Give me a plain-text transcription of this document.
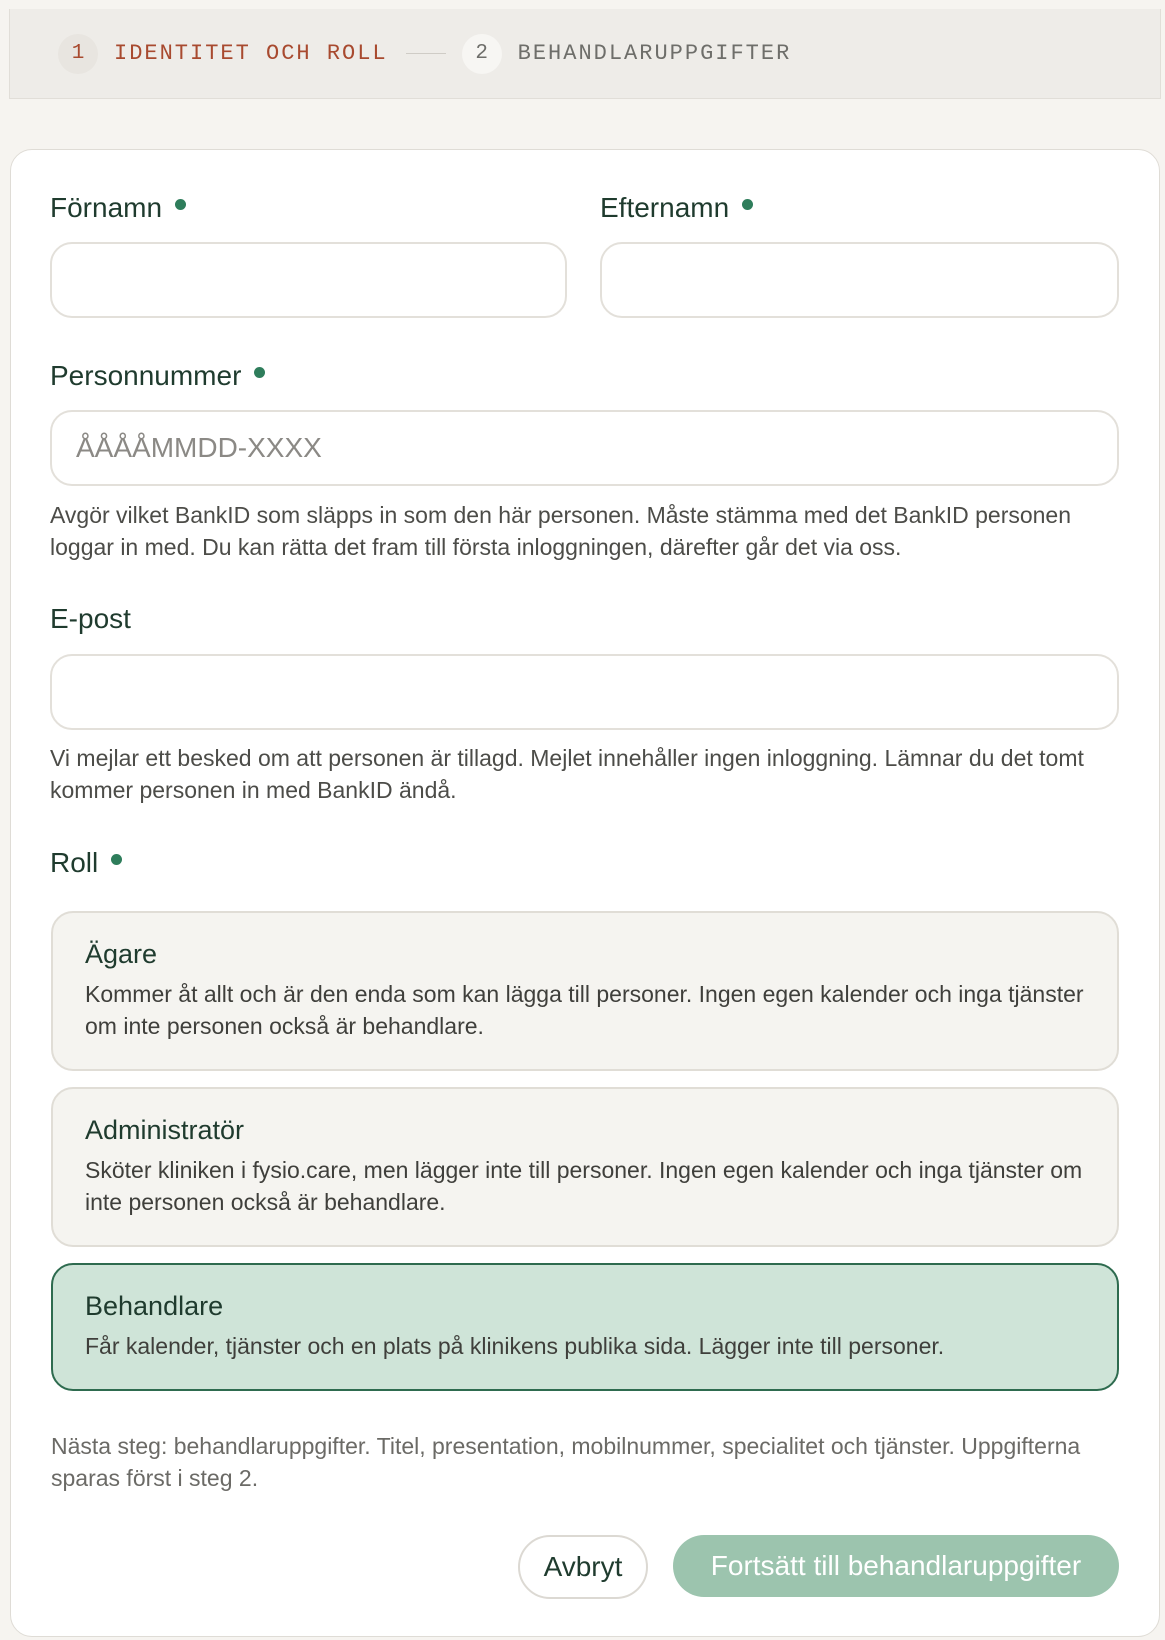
1	IDENTITET OCH ROLL	2	BEHANDLARUPPGIFTER
Förnamn	Efternamn
Personnummer
ÅÅÅÅMMDD-XXXX

Avgör vilket BankID som släpps in som den här personen. Måste stämma med det BankID personen loggar in med. Du kan rätta det fram till första inloggningen, därefter går det via oss.

E-post

Vi mejlar ett besked om att personen är tillagd. Mejlet innehåller ingen inloggning. Lämnar du det tomt kommer personen in med BankID ändå.

Roll
Ägare
Kommer åt allt och är den enda som kan lägga till personer. Ingen egen kalender och inga tjänster om inte personen också är behandlare.
Administratör
Sköter kliniken i fysio.care, men lägger inte till personer. Ingen egen kalender och inga tjänster om inte personen också är behandlare.
Behandlare
Får kalender, tjänster och en plats på klinikens publika sida. Lägger inte till personer.

Nästa steg: behandlaruppgifter. Titel, presentation, mobilnummer, specialitet och tjänster. Uppgifterna sparas först i steg 2.

Avbryt	Fortsätt till behandlaruppgifter
